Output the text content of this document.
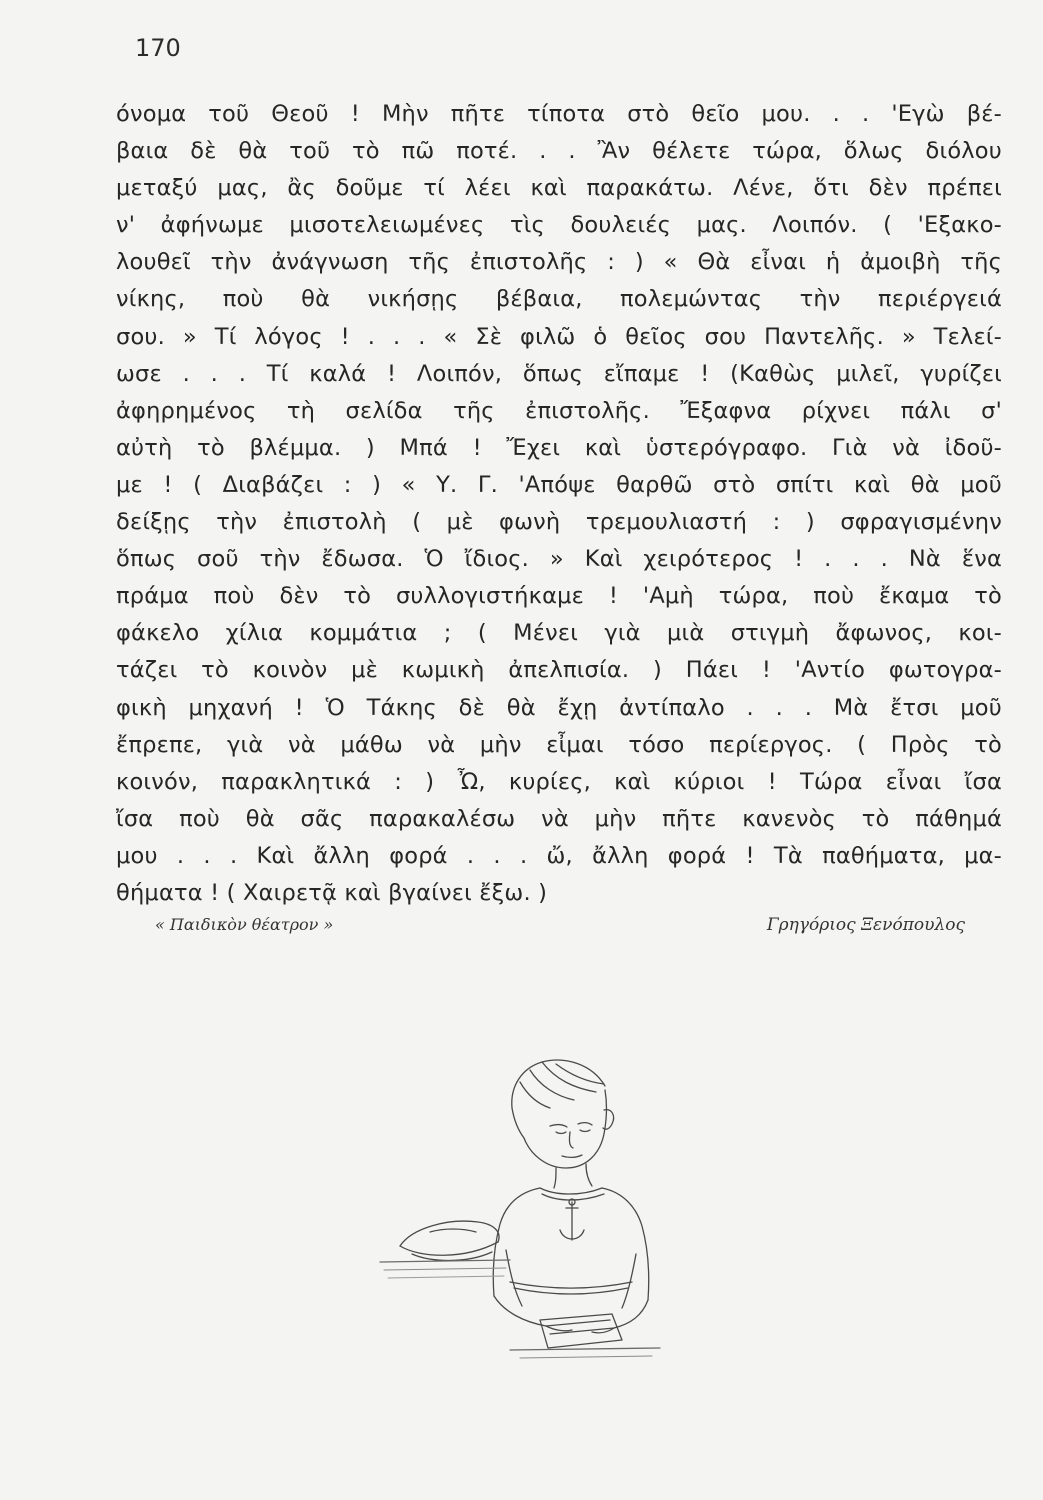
170
όνομα τοῦ Θεοῦ ! Μὴν πῆτε τίποτα στὸ θεῖο μου. . . 'Εγὼ βέ-
βαια δὲ θὰ τοῦ τὸ πῶ ποτέ. . . Ἂν θέλετε τώρα, ὅλως διόλου
μεταξύ μας, ἂς δοῦμε τί λέει καὶ παρακάτω. Λένε, ὅτι δὲν πρέπει
ν' ἀφήνωμε μισοτελειωμένες τὶς δουλειές μας. Λοιπόν. ( 'Εξακο-
λουθεῖ τὴν ἀνάγνωση τῆς ἐπιστολῆς : ) « Θὰ εἶναι ἡ ἀμοιβὴ τῆς
νίκης, ποὺ θὰ νικήσῃς βέβαια, πολεμώντας τὴν περιέργειά
σου. » Τί λόγος ! . . . « Σὲ φιλῶ ὁ θεῖος σου Παντελῆς. » Τελεί-
ωσε . . . Τί καλά ! Λοιπόν, ὅπως εἴπαμε ! (Καθὼς μιλεῖ, γυρίζει
ἀφηρημένος τὴ σελίδα τῆς ἐπιστολῆς. Ἔξαφνα ρίχνει πάλι σ'
αὐτὴ τὸ βλέμμα. ) Μπά ! Ἔχει καὶ ὑστερόγραφο. Γιὰ νὰ ἰδοῦ-
με ! ( Διαβάζει : ) « Υ. Γ. 'Απόψε θαρθῶ στὸ σπίτι καὶ θὰ μοῦ
δείξῃς τὴν ἐπιστολὴ ( μὲ φωνὴ τρεμουλιαστή : ) σφραγισμένην
ὅπως σοῦ τὴν ἔδωσα. Ὁ ἴδιος. » Καὶ χειρότερος ! . . . Νὰ ἕνα
πράμα ποὺ δὲν τὸ συλλογιστήκαμε ! 'Αμὴ τώρα, ποὺ ἔκαμα τὸ
φάκελο χίλια κομμάτια ; ( Μένει γιὰ μιὰ στιγμὴ ἄφωνος, κοι-
τάζει τὸ κοινὸν μὲ κωμικὴ ἀπελπισία. ) Πάει ! 'Αντίο φωτογρα-
φικὴ μηχανή ! Ὁ Τάκης δὲ θὰ ἔχῃ ἀντίπαλο . . . Μὰ ἔτσι μοῦ
ἔπρεπε, γιὰ νὰ μάθω νὰ μὴν εἶμαι τόσο περίεργος. ( Πρὸς τὸ
κοινόν, παρακλητικά : ) Ὦ, κυρίες, καὶ κύριοι ! Τώρα εἶναι ἴσα
ἴσα ποὺ θὰ σᾶς παρακαλέσω νὰ μὴν πῆτε κανενὸς τὸ πάθημά
μου . . . Καὶ ἄλλη φορά . . . ὤ, ἄλλη φορά ! Τὰ παθήματα, μα-
θήματα ! ( Χαιρετᾷ καὶ βγαίνει ἔξω. )
« Παιδικὸν θέατρον »	Γρηγόριος Ξενόπουλος
